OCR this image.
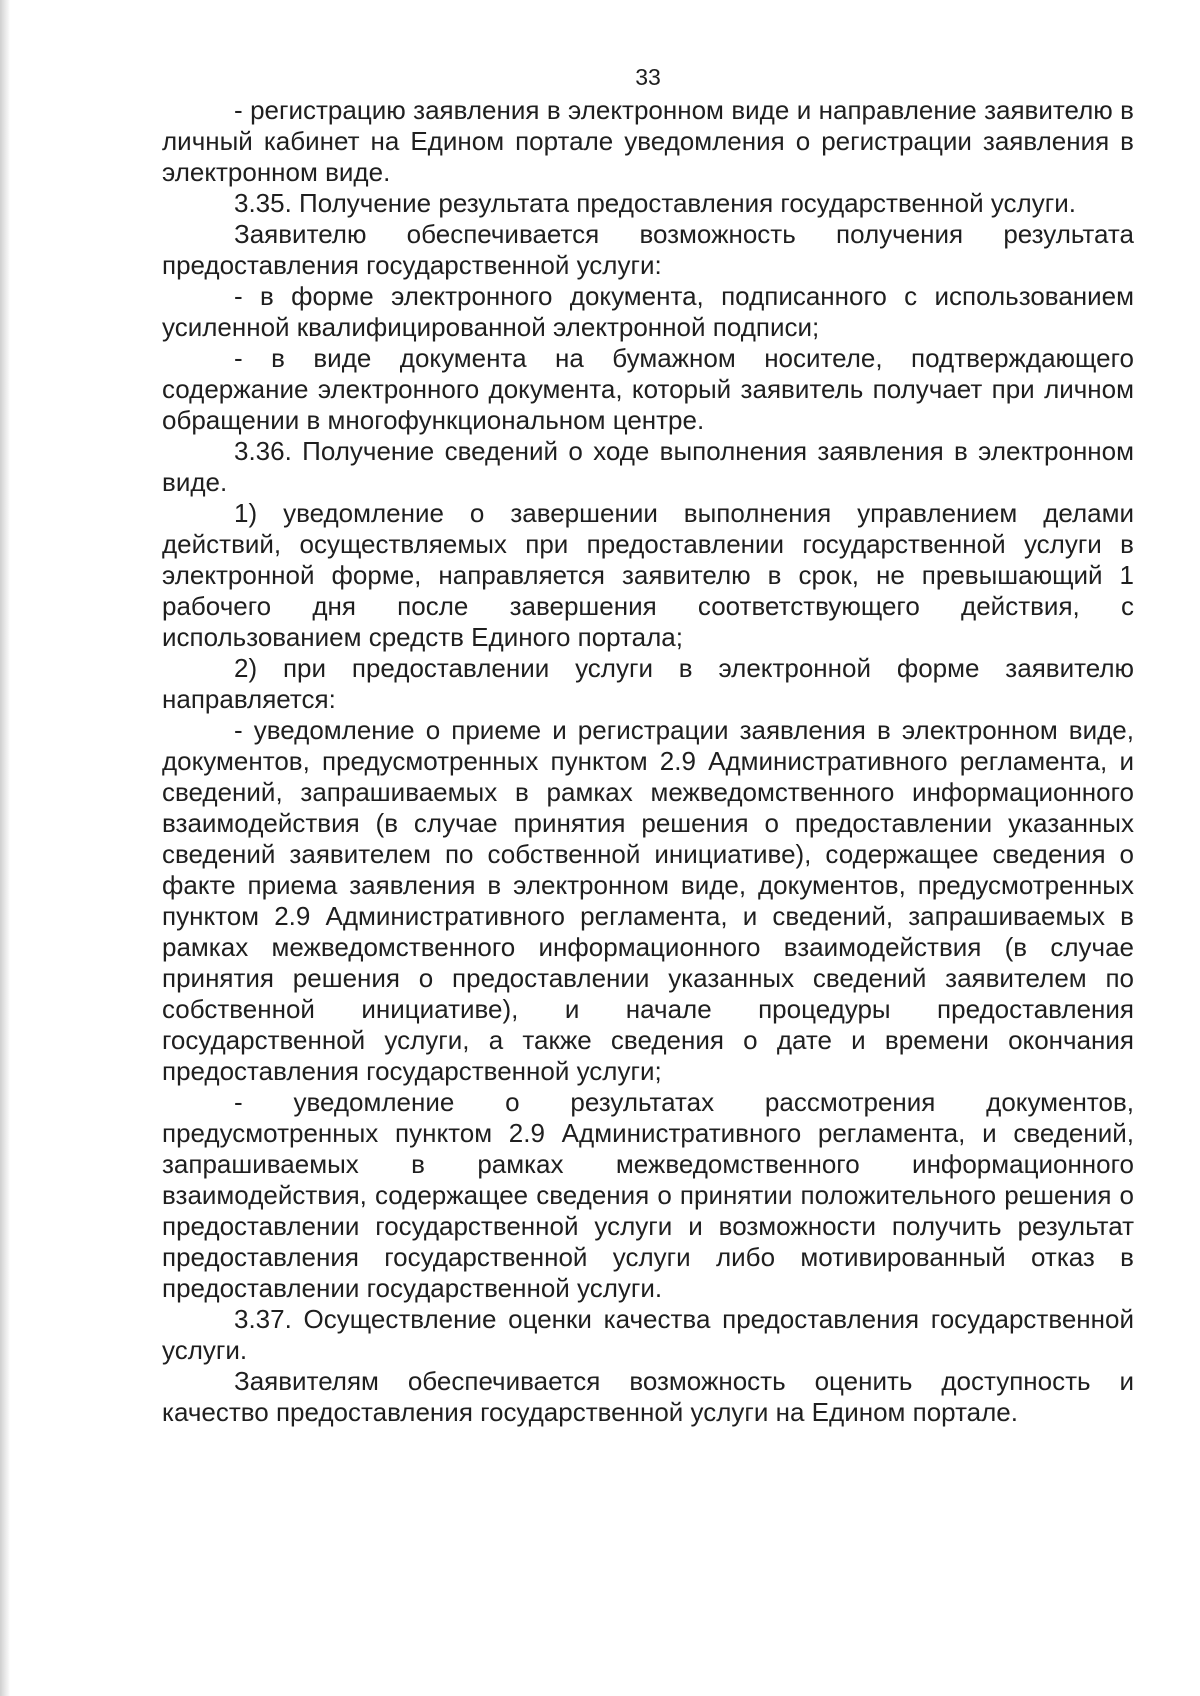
33

- регистрацию заявления в электронном виде и направление заявителю в личный кабинет на Едином портале уведомления о регистрации заявления в электронном виде.

3.35. Получение результата предоставления государственной услуги.

Заявителю обеспечивается возможность получения результата предоставления государственной услуги:

- в форме электронного документа, подписанного с использованием усиленной квалифицированной электронной подписи;

- в виде документа на бумажном носителе, подтверждающего содержание электронного документа, который заявитель получает при личном обращении в многофункциональном центре.

3.36. Получение сведений о ходе выполнения заявления в электронном виде.

1) уведомление о завершении выполнения управлением делами действий, осуществляемых при предоставлении государственной услуги в электронной форме, направляется заявителю в срок, не превышающий 1 рабочего дня после завершения соответствующего действия, с использованием средств Единого портала;

2) при предоставлении услуги в электронной форме заявителю направляется:

- уведомление о приеме и регистрации заявления в электронном виде, документов, предусмотренных пунктом 2.9 Административного регламента, и сведений, запрашиваемых в рамках межведомственного информационного взаимодействия (в случае принятия решения о предоставлении указанных сведений заявителем по собственной инициативе), содержащее сведения о факте приема заявления в электронном виде, документов, предусмотренных пунктом 2.9 Административного регламента, и сведений, запрашиваемых в рамках межведомственного информационного взаимодействия (в случае принятия решения о предоставлении указанных сведений заявителем по собственной инициативе), и начале процедуры предоставления государственной услуги, а также сведения о дате и времени окончания предоставления государственной услуги;

- уведомление о результатах рассмотрения документов, предусмотренных пунктом 2.9 Административного регламента, и сведений, запрашиваемых в рамках межведомственного информационного взаимодействия, содержащее сведения о принятии положительного решения о предоставлении государственной услуги и возможности получить результат предоставления государственной услуги либо мотивированный отказ в предоставлении государственной услуги.

3.37. Осуществление оценки качества предоставления государственной услуги.

Заявителям обеспечивается возможность оценить доступность и качество предоставления государственной услуги на Едином портале.
